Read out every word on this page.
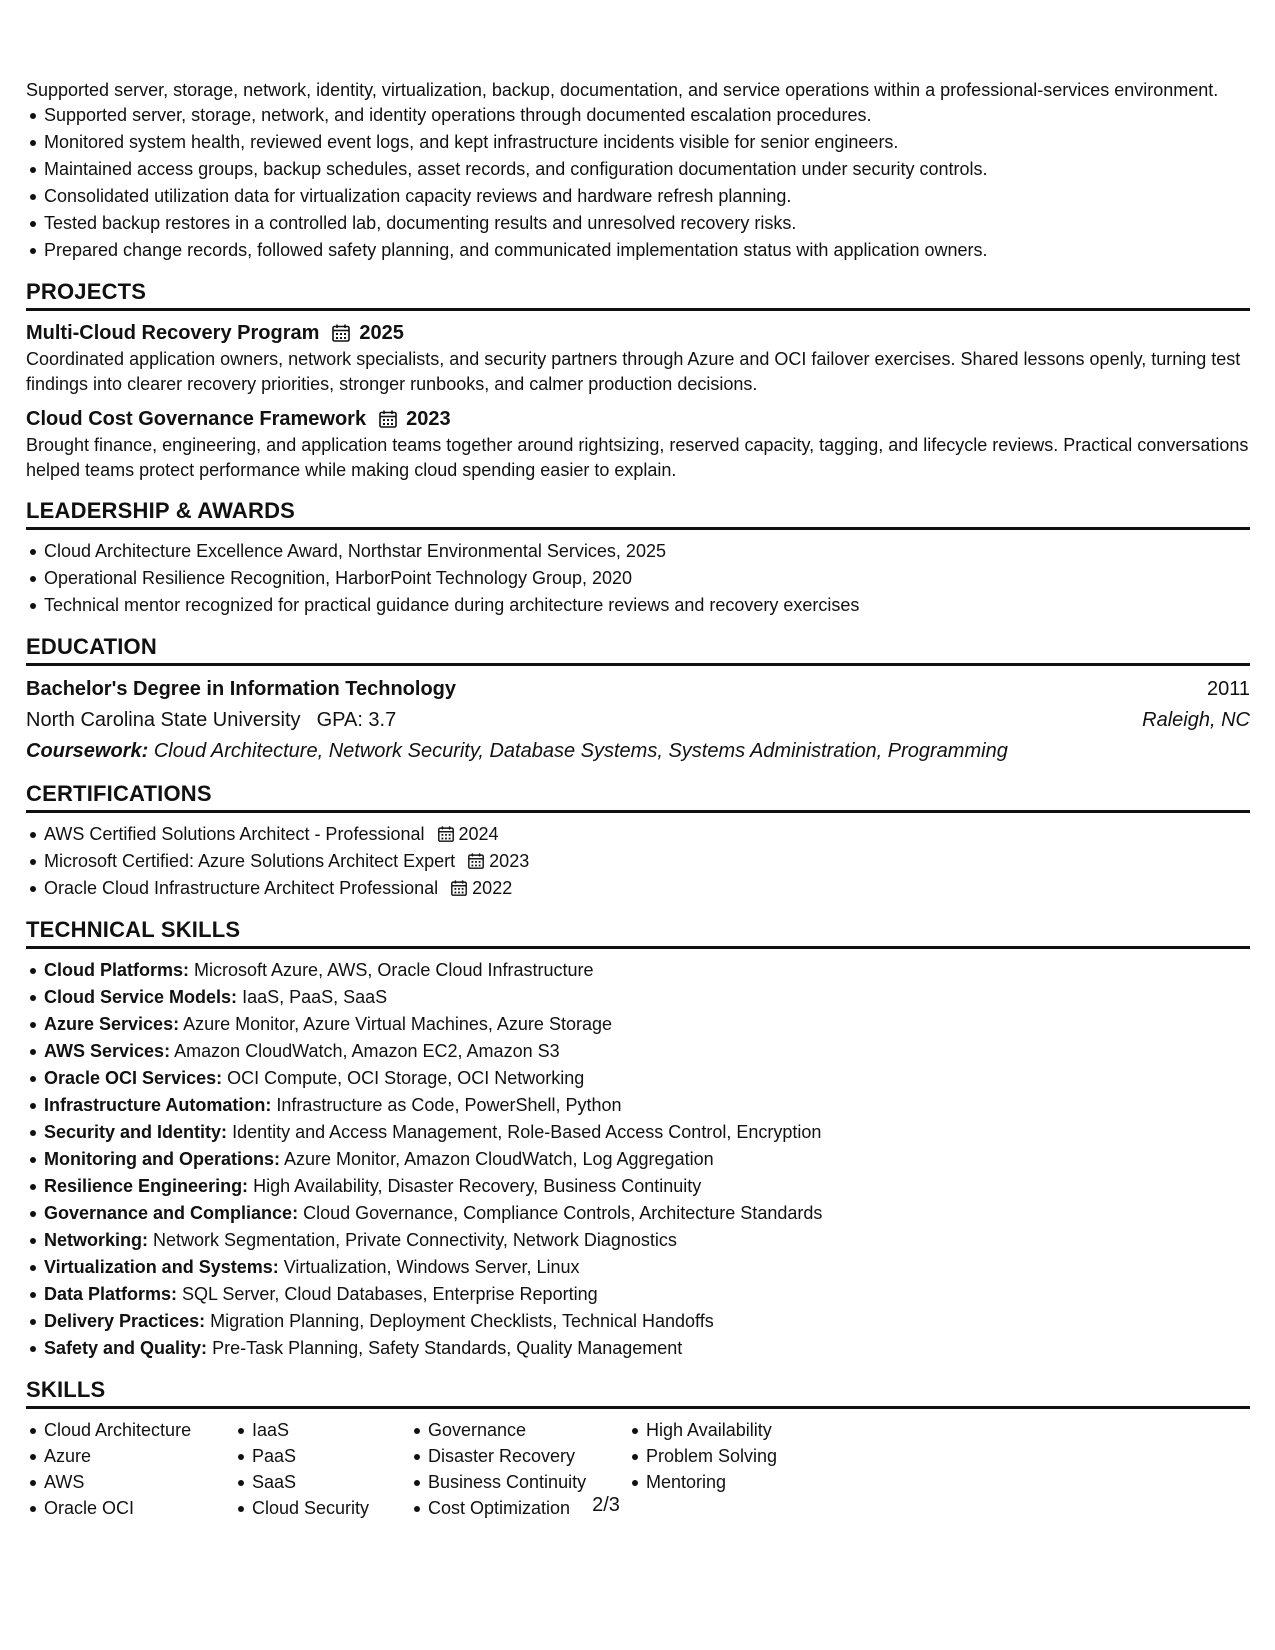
Supported server, storage, network, identity, virtualization, backup, documentation, and service operations within a professional-services environment.

Supported server, storage, network, and identity operations through documented escalation procedures.
Monitored system health, reviewed event logs, and kept infrastructure incidents visible for senior engineers.
Maintained access groups, backup schedules, asset records, and configuration documentation under security controls.
Consolidated utilization data for virtualization capacity reviews and hardware refresh planning.
Tested backup restores in a controlled lab, documenting results and unresolved recovery risks.
Prepared change records, followed safety planning, and communicated implementation status with application owners.
PROJECTS
Multi-Cloud Recovery Program 2025
Coordinated application owners, network specialists, and security partners through Azure and OCI failover exercises. Shared lessons openly, turning test findings into clearer recovery priorities, stronger runbooks, and calmer production decisions.
Cloud Cost Governance Framework 2023
Brought finance, engineering, and application teams together around rightsizing, reserved capacity, tagging, and lifecycle reviews. Practical conversations helped teams protect performance while making cloud spending easier to explain.
LEADERSHIP & AWARDS
Cloud Architecture Excellence Award, Northstar Environmental Services, 2025
Operational Resilience Recognition, HarborPoint Technology Group, 2020
Technical mentor recognized for practical guidance during architecture reviews and recovery exercises
EDUCATION
Bachelor's Degree in Information Technology	2011
North Carolina State University GPA: 3.7	Raleigh, NC
Coursework: Cloud Architecture, Network Security, Database Systems, Systems Administration, Programming
CERTIFICATIONS
AWS Certified Solutions Architect - Professional 2024
Microsoft Certified: Azure Solutions Architect Expert 2023
Oracle Cloud Infrastructure Architect Professional 2022
TECHNICAL SKILLS
Cloud Platforms: Microsoft Azure, AWS, Oracle Cloud Infrastructure
Cloud Service Models: IaaS, PaaS, SaaS
Azure Services: Azure Monitor, Azure Virtual Machines, Azure Storage
AWS Services: Amazon CloudWatch, Amazon EC2, Amazon S3
Oracle OCI Services: OCI Compute, OCI Storage, OCI Networking
Infrastructure Automation: Infrastructure as Code, PowerShell, Python
Security and Identity: Identity and Access Management, Role-Based Access Control, Encryption
Monitoring and Operations: Azure Monitor, Amazon CloudWatch, Log Aggregation
Resilience Engineering: High Availability, Disaster Recovery, Business Continuity
Governance and Compliance: Cloud Governance, Compliance Controls, Architecture Standards
Networking: Network Segmentation, Private Connectivity, Network Diagnostics
Virtualization and Systems: Virtualization, Windows Server, Linux
Data Platforms: SQL Server, Cloud Databases, Enterprise Reporting
Delivery Practices: Migration Planning, Deployment Checklists, Technical Handoffs
Safety and Quality: Pre-Task Planning, Safety Standards, Quality Management
SKILLS
Cloud Architecture
Azure
AWS
Oracle OCI
IaaS
PaaS
SaaS
Cloud Security
Governance
Disaster Recovery
Business Continuity
Cost Optimization
High Availability
Problem Solving
Mentoring
2/3
